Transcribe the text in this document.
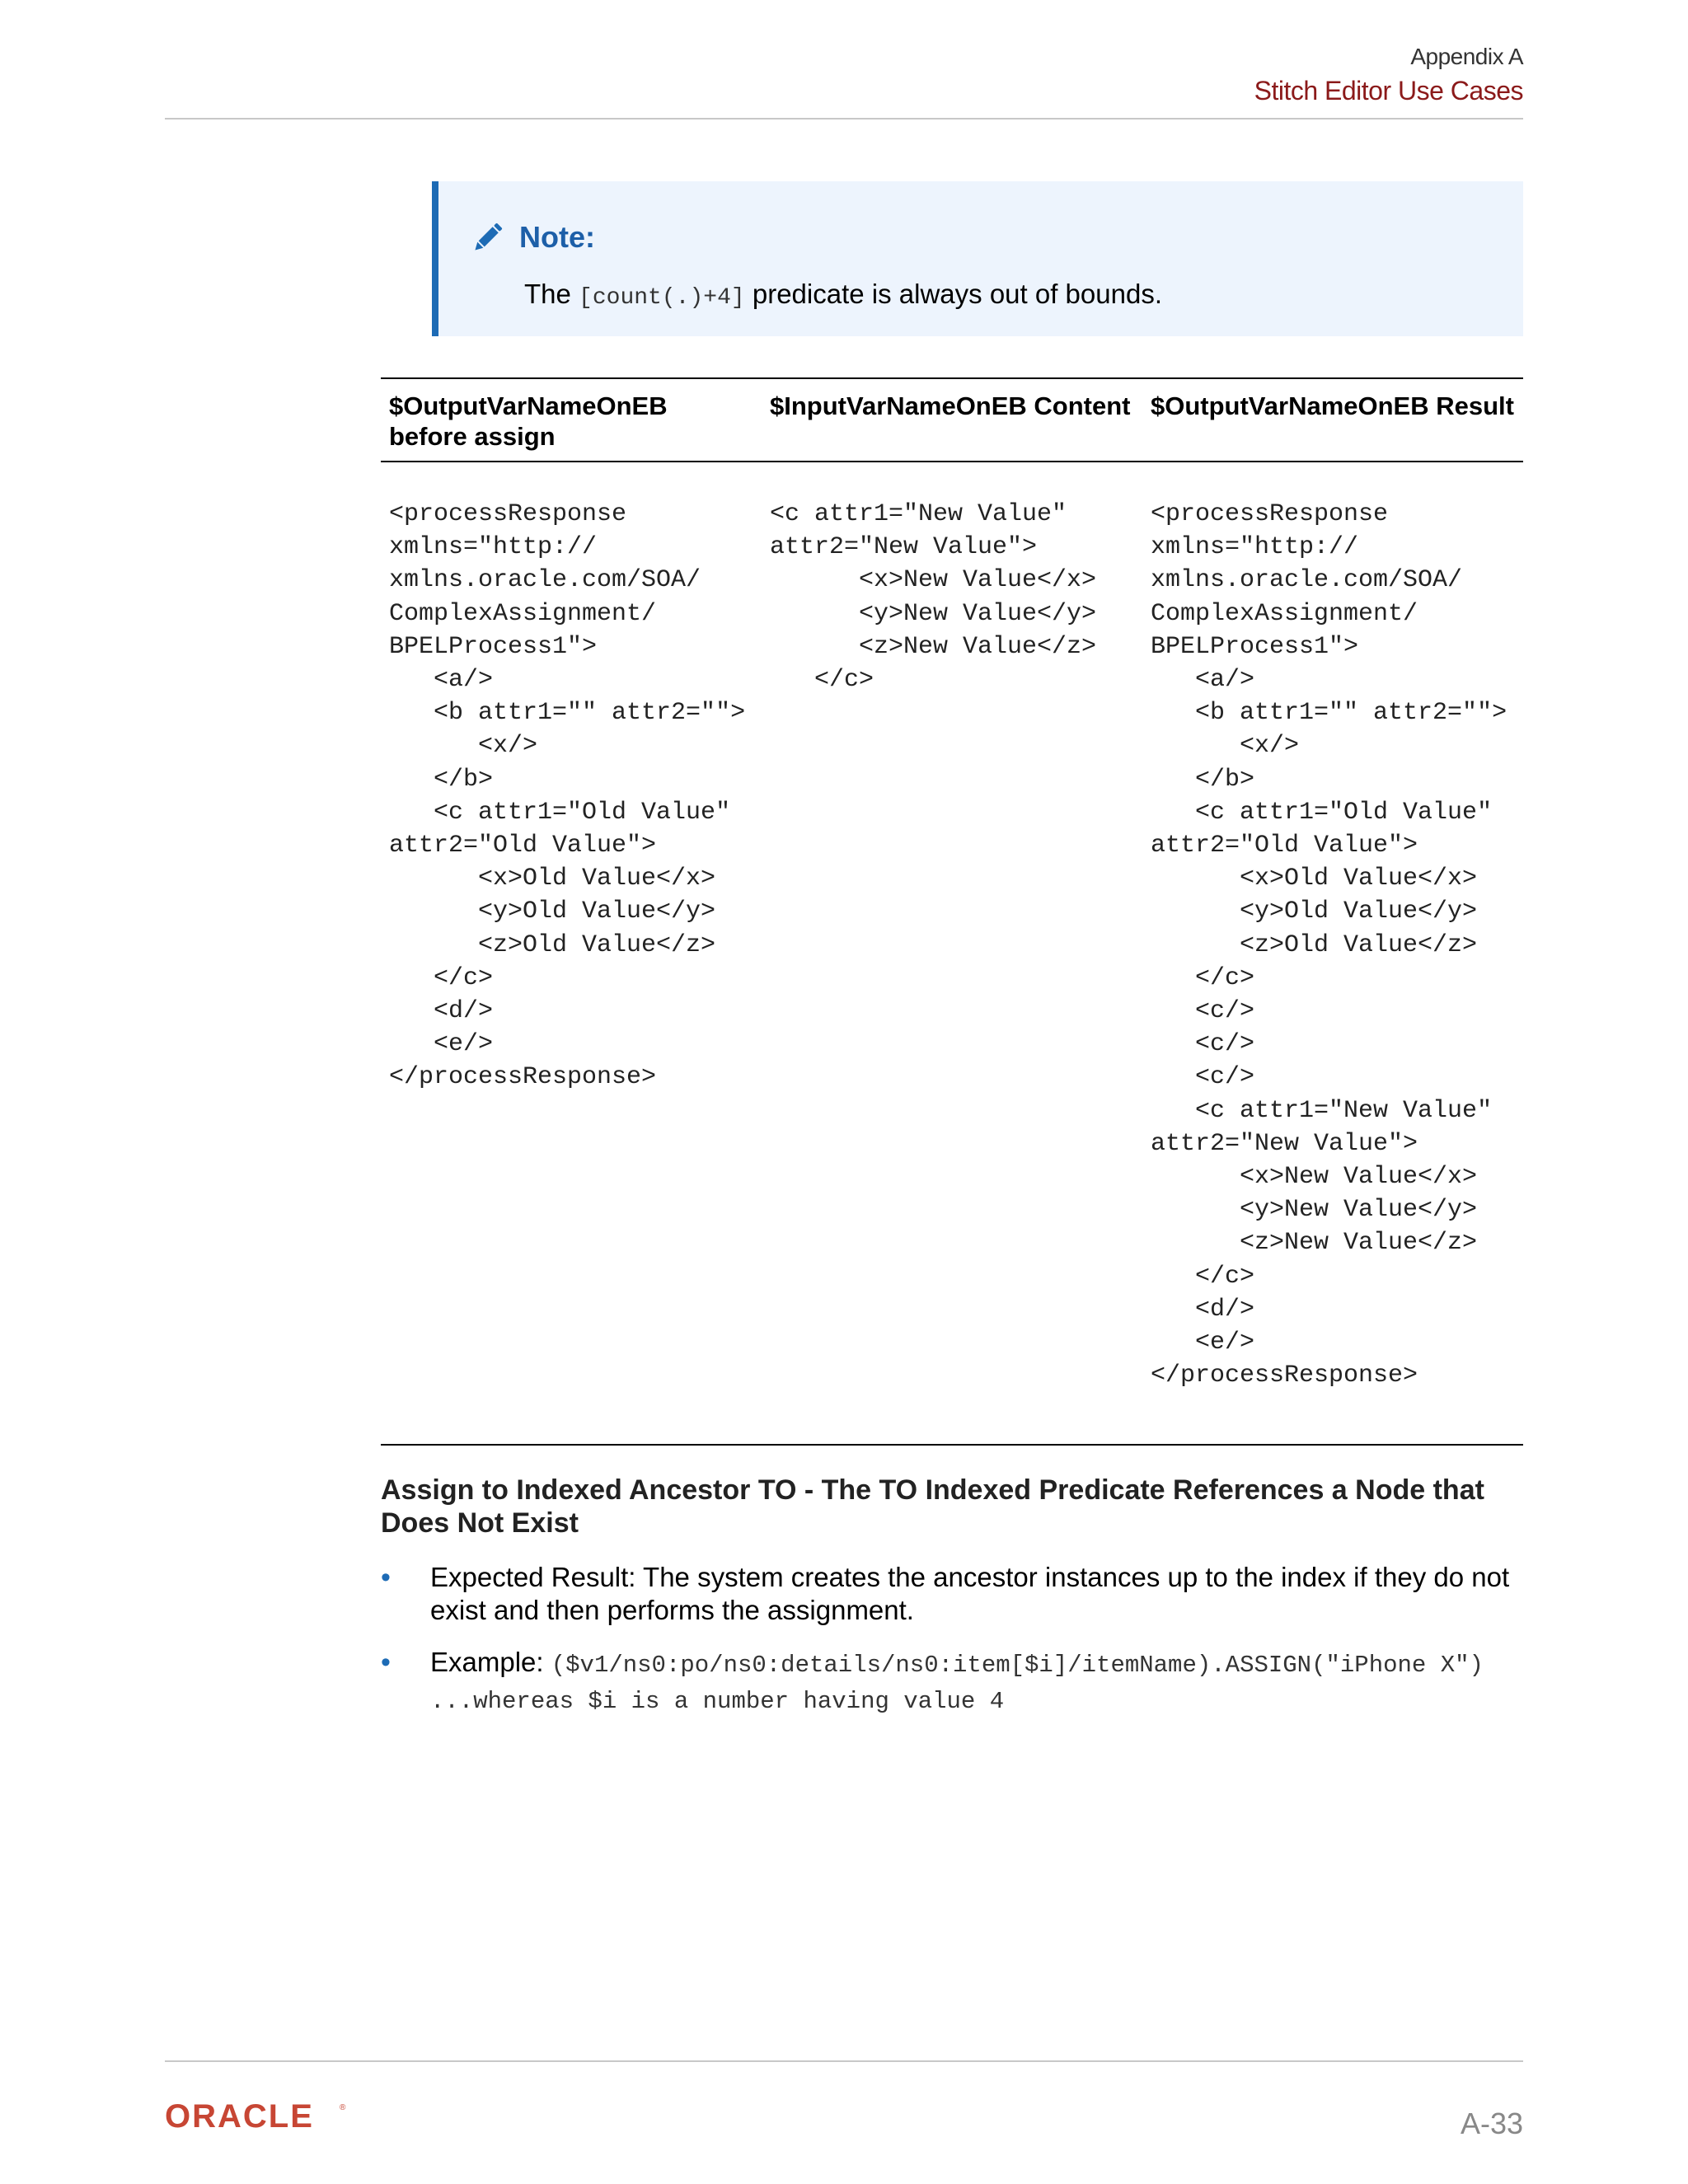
Appendix A
Stitch Editor Use Cases
Note:
The [count(.)+4] predicate is always out of bounds.
$OutputVarNameOnEB before assign
$InputVarNameOnEB Content $OutputVarNameOnEB Result
<processResponse
xmlns="http://
xmlns.oracle.com/SOA/
ComplexAssignment/
BPELProcess1">
<a/>
<b attr1="" attr2="">
<x/>
</b>
<c attr1="Old Value"
attr2="Old Value">
<x>Old Value</x>
<y>Old Value</y>
<z>Old Value</z>
</c>
<d/>
<e/>
</processResponse>
<c attr1="New Value"
attr2="New Value">
<x>New Value</x>
<y>New Value</y>
<z>New Value</z>
</c>
<processResponse
xmlns="http://
xmlns.oracle.com/SOA/
ComplexAssignment/
BPELProcess1">
<a/>
<b attr1="" attr2="">
<x/>
</b>
<c attr1="Old Value"
attr2="Old Value">
<x>Old Value</x>
<y>Old Value</y>
<z>Old Value</z>
</c>
<c/>
<c/>
<c/>
<c attr1="New Value"
attr2="New Value">
<x>New Value</x>
<y>New Value</y>
<z>New Value</z>
</c>
<d/>
<e/>
</processResponse>
Assign to Indexed Ancestor TO - The TO Indexed Predicate References a Node that Does Not Exist
• Expected Result: The system creates the ancestor instances up to the index if they do not exist and then performs the assignment.
• Example: ($v1/ns0:po/ns0:details/ns0:item[$i]/itemName).ASSIGN("iPhone X") ...whereas $i is a number having value 4
ORACLE	®	A-33
